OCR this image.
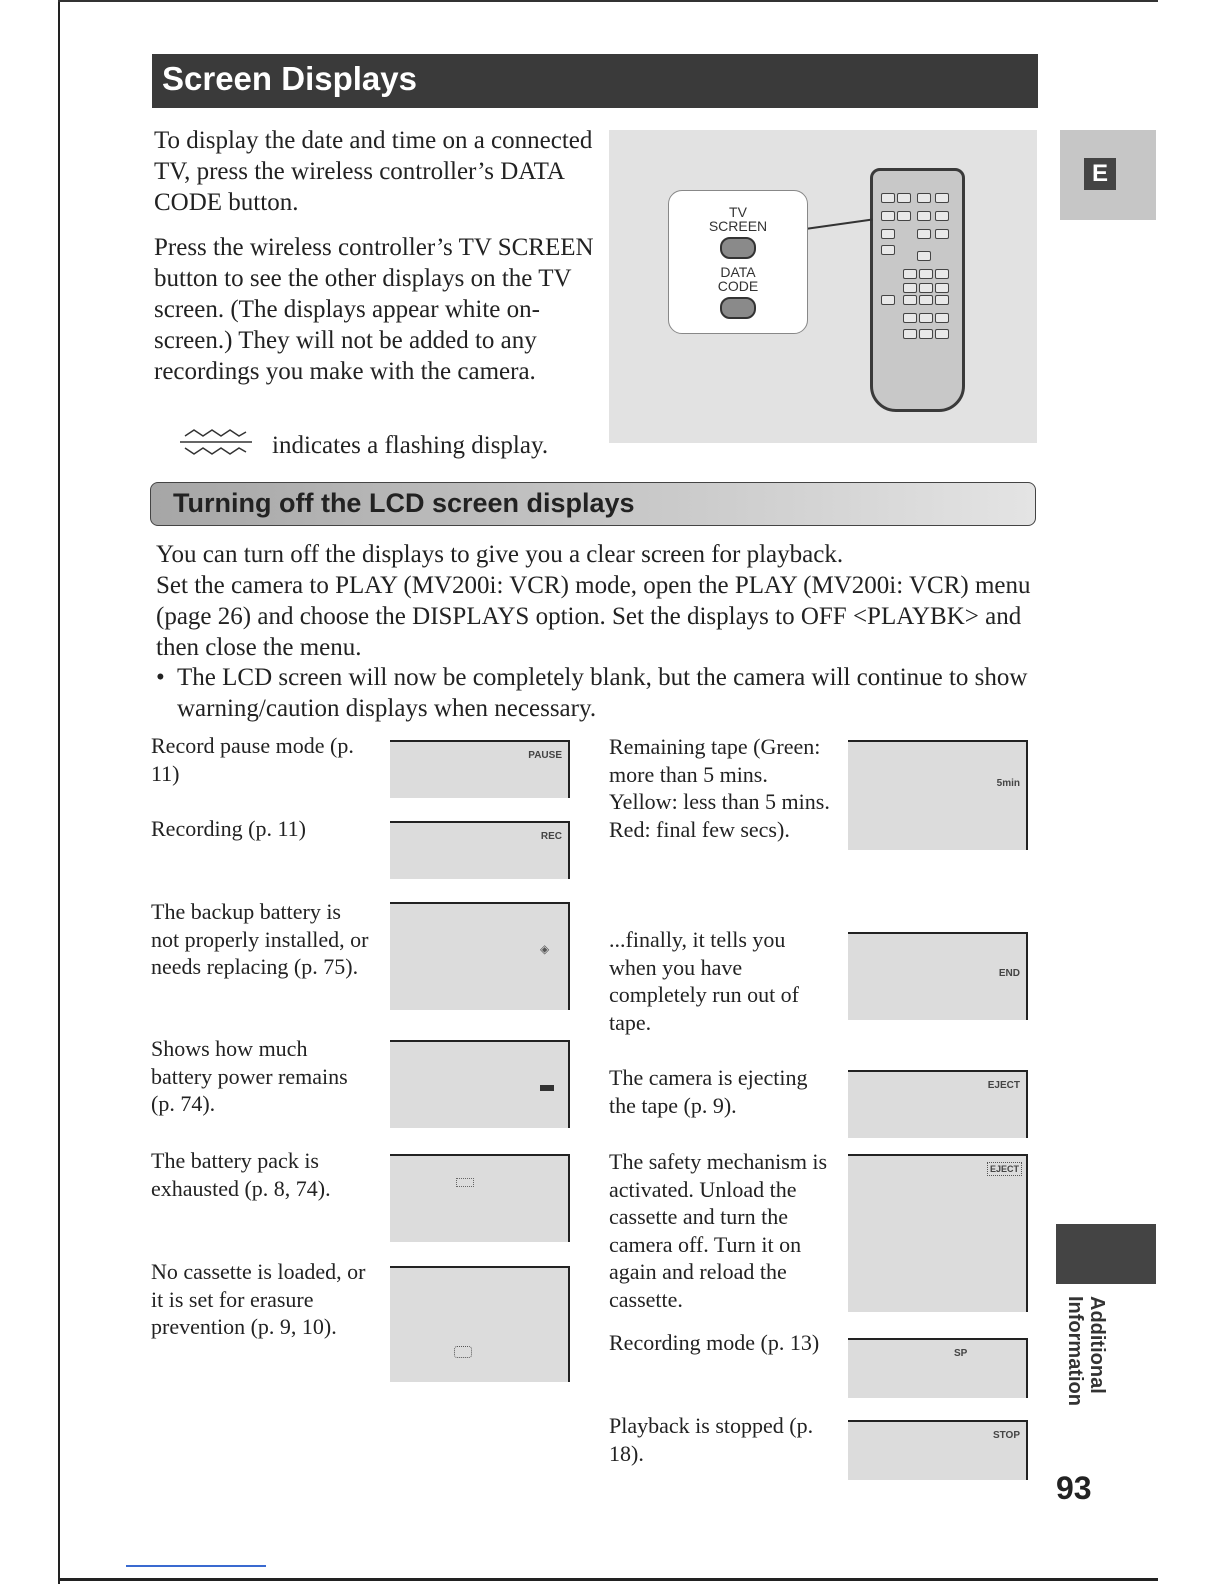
Screen Displays
To display the date and time on a connected TV, press the wireless controller’s DATA CODE button.
Press the wireless controller’s TV SCREEN button to see the other displays on the TV screen. (The displays appear white on-screen.) They will not be added to any recordings you make with the camera.
indicates a flashing display.
TV
SCREEN
DATA
CODE
E
Additional Information
93
Turning off the LCD screen displays
You can turn off the displays to give you a clear screen for playback.
Set the camera to PLAY (MV200i: VCR) mode, open the PLAY (MV200i: VCR) menu (page 26) and choose the DISPLAYS option. Set the displays to OFF <PLAYBK> and then close the menu.
• The LCD screen will now be completely blank, but the camera will continue to show warning/caution displays when necessary.
Record pause mode (p. 11)
PAUSE
Recording (p. 11)	REC
The backup battery is not properly installed, or needs replacing (p. 75).
◈
Shows how much battery power remains (p. 74).
The battery pack is exhausted (p. 8, 74).
No cassette is loaded, or it is set for erasure prevention (p. 9, 10).
Remaining tape (Green: more than 5 mins. Yellow: less than 5 mins. Red: final few secs).
5min
...finally, it tells you when you have completely run out of tape.
END
The camera is ejecting the tape (p. 9).
EJECT
The safety mechanism is activated. Unload the cassette and turn the camera off. Turn it on again and reload the cassette.
EJECT
Recording mode (p. 13)	SP
Playback is stopped (p. 18).
STOP
